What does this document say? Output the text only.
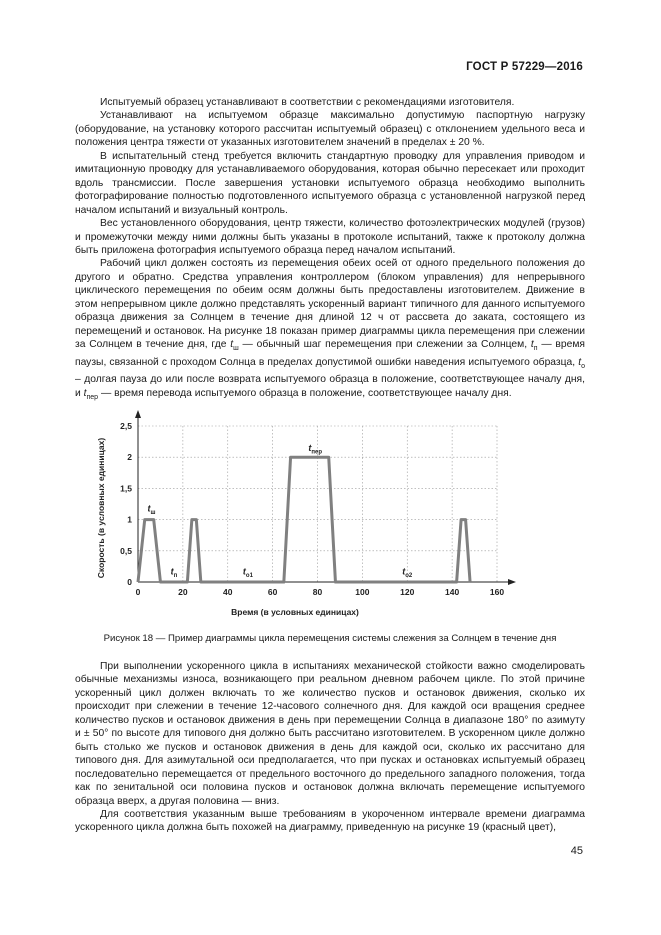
ГОСТ Р 57229—2016

Испытуемый образец устанавливают в соответствии с рекомендациями изготовителя.

Устанавливают на испытуемом образце максимально допустимую паспортную нагрузку (оборудование, на установку которого рассчитан испытуемый образец) с отклонением удельного веса и положения центра тяжести от указанных изготовителем значений в пределах ± 20 %.

В испытательный стенд требуется включить стандартную проводку для управления приводом и имитационную проводку для устанавливаемого оборудования, которая обычно пересекает или проходит вдоль трансмиссии. После завершения установки испытуемого образца необходимо выполнить фотографирование полностью подготовленного испытуемого образца с установленной нагрузкой перед началом испытаний и визуальный контроль.

Вес установленного оборудования, центр тяжести, количество фотоэлектрических модулей (грузов) и промежуточки между ними должны быть указаны в протоколе испытаний, также к протоколу должна быть приложена фотография испытуемого образца перед началом испытаний.

Рабочий цикл должен состоять из перемещения обеих осей от одного предельного положения до другого и обратно. Средства управления контроллером (блоком управления) для непрерывного циклического перемещения по обеим осям должны быть предоставлены изготовителем. Движение в этом непрерывном цикле должно представлять ускоренный вариант типичного для данного испытуемого образца движения за Солнцем в течение дня длиной 12 ч от рассвета до заката, состоящего из перемещений и остановок. На рисунке 18 показан пример диаграммы цикла перемещения при слежении за Солнцем в течение дня, где $t_ш$ — обычный шаг перемещения при слежении за Солнцем, $t_п$ — время паузы, связанной с проходом Солнца в пределах допустимой ошибки наведения испытуемого образца, $t_о$ – долгая пауза до или после возврата испытуемого образца в положение, соответствующее началу дня, и $t_{пер}$ — время перевода испытуемого образца в положение, соответствующее началу дня.

0
0,5
1
1,5
2
2,5
0	20	40	60	80	100	120	140	160
$t_ш$
$t_{пер}$
$t_п$	$t_{о1}$	$t_{о2}$
Время (в условных единицах)
Скорость (в условных единицах)
Рисунок 18 — Пример диаграммы цикла перемещения системы слежения за Солнцем в течение дня

При выполнении ускоренного цикла в испытаниях механической стойкости важно смоделировать обычные механизмы износа, возникающего при реальном дневном рабочем цикле. По этой причине ускоренный цикл должен включать то же количество пусков и остановок движения, сколько их происходит при слежении в течение 12-часового солнечного дня. Для каждой оси вращения среднее количество пусков и остановок движения в день при перемещении Солнца в диапазоне 180° по азимуту и ± 50° по высоте для типового дня должно быть рассчитано изготовителем. В ускоренном цикле должно быть столько же пусков и остановок движения в день для каждой оси, сколько их рассчитано для типового дня. Для азимутальной оси предполагается, что при пусках и остановках испытуемый образец последовательно перемещается от предельного восточного до предельного западного положения, тогда как по зенитальной оси половина пусков и остановок должна включать перемещение испытуемого образца вверх, а другая половина — вниз.

Для соответствия указанным выше требованиям в укороченном интервале времени диаграмма ускоренного цикла должна быть похожей на диаграмму, приведенную на рисунке 19 (красный цвет),

45
